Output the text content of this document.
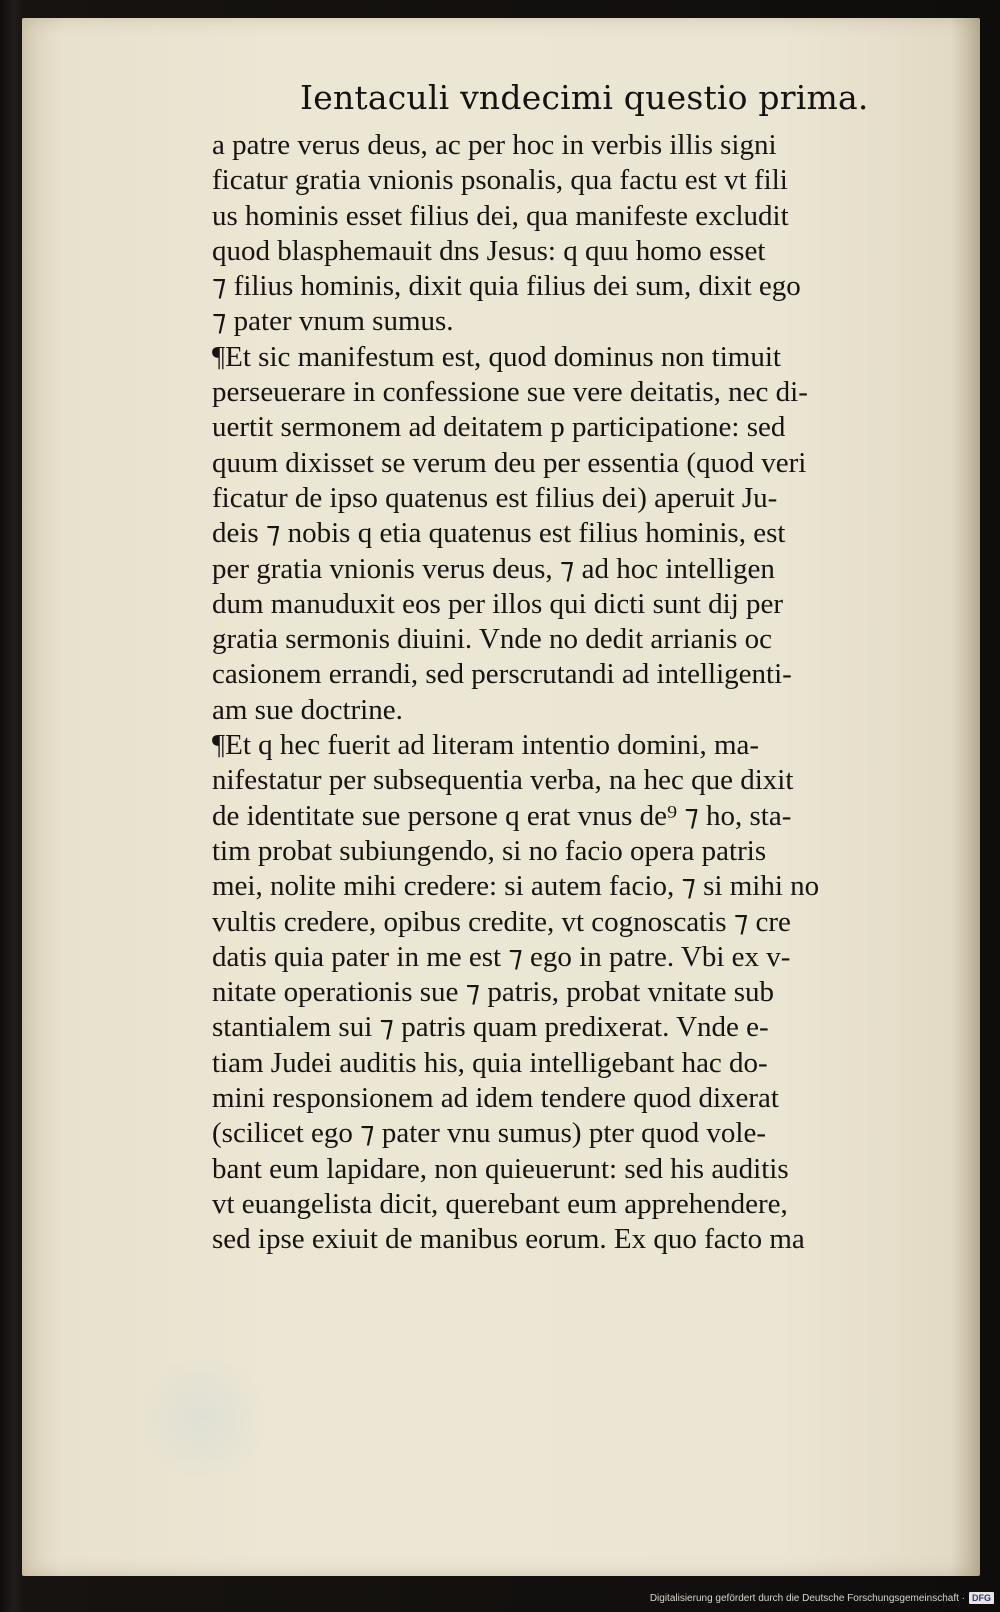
Ientaculi vndecimi questio prima.
a patre verus deus, ac per hoc in verbis illis signi
ficatur gratia vnionis psonalis, qua factu est vt fili
us hominis esset filius dei, qua manifeste excludit
quod blasphemauit dns Jesus: q quu homo esset
⁊ filius hominis, dixit quia filius dei sum, dixit ego
⁊ pater vnum sumus.
¶Et sic manifestum est, quod dominus non timuit
perseuerare in confessione sue vere deitatis, nec di-
uertit sermonem ad deitatem p participatione: sed
quum dixisset se verum deu per essentia (quod veri
ficatur de ipso quatenus est filius dei) aperuit Ju-
deis ⁊ nobis q etia quatenus est filius hominis, est
per gratia vnionis verus deus, ⁊ ad hoc intelligen
dum manuduxit eos per illos qui dicti sunt dij per
gratia sermonis diuini. Vnde no dedit arrianis oc
casionem errandi, sed perscrutandi ad intelligenti-
am sue doctrine.
¶Et q hec fuerit ad literam intentio domini, ma-
nifestatur per subsequentia verba, na hec que dixit
de identitate sue persone q erat vnus de⁹ ⁊ ho, sta-
tim probat subiungendo, si no facio opera patris
mei, nolite mihi credere: si autem facio, ⁊ si mihi no
vultis credere, opibus credite, vt cognoscatis ⁊ cre
datis quia pater in me est ⁊ ego in patre. Vbi ex v-
nitate operationis sue ⁊ patris, probat vnitate sub
stantialem sui ⁊ patris quam predixerat. Vnde e-
tiam Judei auditis his, quia intelligebant hac do-
mini responsionem ad idem tendere quod dixerat
(scilicet ego ⁊ pater vnu sumus) pter quod vole-
bant eum lapidare, non quieuerunt: sed his auditis
vt euangelista dicit, querebant eum apprehendere,
sed ipse exiuit de manibus eorum. Ex quo facto ma
Digitalisierung gefördert durch die Deutsche Forschungsgemeinschaft · DFG
